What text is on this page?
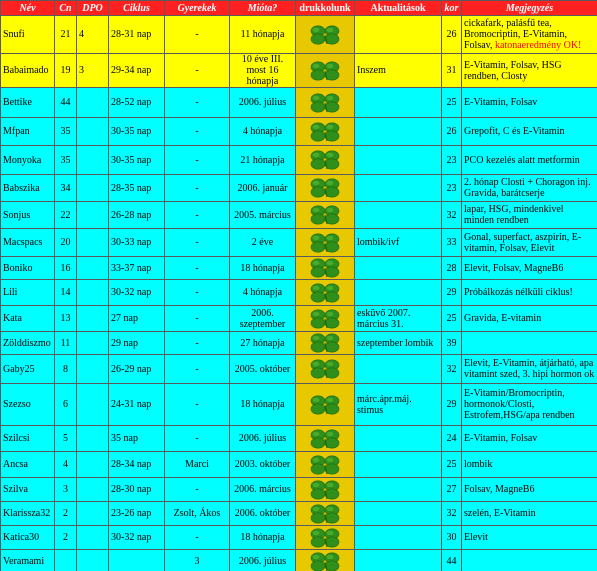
Név	Cn	DPO	Ciklus	Gyerekek	Mióta?	drukkolunk	Aktualitások	kor	Megjegyzés
Snufi	21	4	28-31 nap	-	11 hónapja			26	cickafark, palásfű tea, Bromocriptin, E-Vitamin, Folsav, katonaeredmény OK!
Babaimado	19	3	29-34 nap	-	10 éve III. most 16 hónapja		Inszem	31	E-Vitamin, Folsav, HSG rendben, Closty
Bettike	44		28-52 nap	-	2006. július			25	E-Vitamin, Folsav
Mfpan	35		30-35 nap	-	4 hónapja			26	Grepofit, C és E-Vitamin
Monyoka	35		30-35 nap	-	21 hónapja			23	PCO kezelés alatt metformin
Babszika	34		28-35 nap	-	2006. január			23	2. hónap Closti + Choragon inj. Gravida, barátcserje
Sonjus	22		26-28 nap	-	2005. március			32	lapar, HSG, mindenkivel minden rendben
Macspacs	20		30-33 nap	-	2 éve		lombik/ivf	33	Gonal, superfact, aszpirin, E-vitamin, Folsav, Elevit
Boniko	16		33-37 nap	-	18 hónapja			28	Elevit, Folsav, MagneB6
Lili	14		30-32 nap	-	4 hónapja			29	Próbálkozás nélküli ciklus!
Kata	13		27 nap	-	2006. szeptember		esküvő 2007. március 31.	25	Gravida, E-vitamin
Zölddiszmo	11		29 nap	-	27 hónapja		szeptember lombik	39	
Gaby25	8		26-29 nap	-	2005. október			32	Elevit, E-Vitamin, átjárható, apa vitamint szed, 3. hipi hormon ok
Szezso	6		24-31 nap	-	18 hónapja		márc.ápr.máj. stimus	29	E-Vitamin/Bromocriptin, hormonok/Closti, Estrofem,HSG/apa rendben
Szilcsi	5		35 nap	-	2006. július			24	E-Vitamin, Folsav
Ancsa	4		28-34 nap	Marci	2003. október			25	lombik
Szilva	3		28-30 nap	-	2006. március			27	Folsav, MagneB6
Klarissza32	2		23-26 nap	Zsolt, Ákos	2006. október			32	szelén, E-Vitamin
Katica30	2		30-32 nap	-	18 hónapja			30	Elevit
Veramami				3	2006. július			44	
